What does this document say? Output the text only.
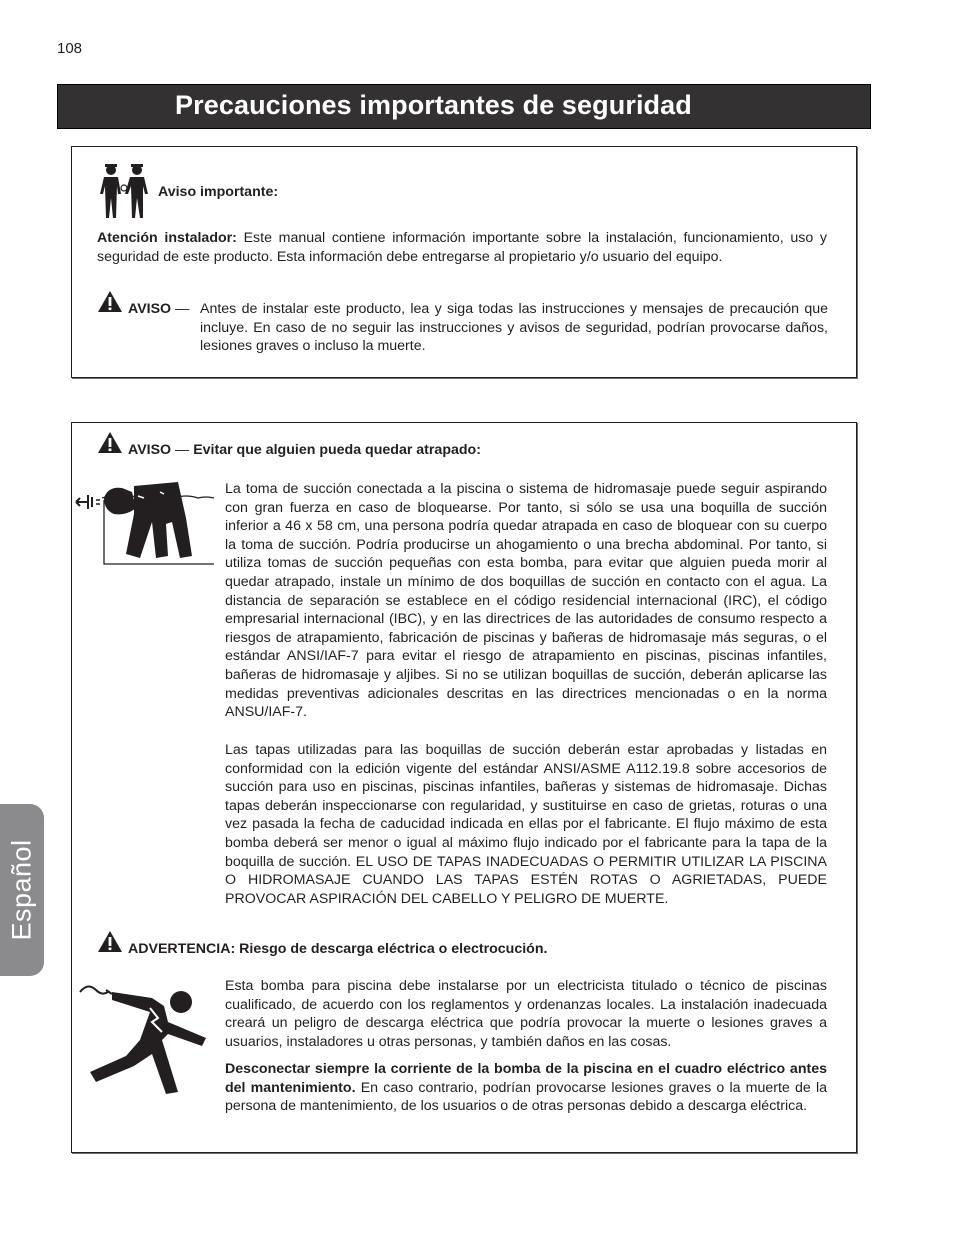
108
Precauciones importantes de seguridad
Aviso importante:
Atención instalador: Este manual contiene información importante sobre la instalación, funcionamiento, uso y seguridad de este producto. Esta información debe entregarse al propietario y/o usuario del equipo.
AVISO — Antes de instalar este producto, lea y siga todas las instrucciones y mensajes de precaución que incluye. En caso de no seguir las instrucciones y avisos de seguridad, podrían provocarse daños, lesiones graves o incluso la muerte.
AVISO — Evitar que alguien pueda quedar atrapado:
La toma de succión conectada a la piscina o sistema de hidromasaje puede seguir aspirando con gran fuerza en caso de bloquearse. Por tanto, si sólo se usa una boquilla de succión inferior a 46 x 58 cm, una persona podría quedar atrapada en caso de bloquear con su cuerpo la toma de succión. Podría producirse un ahogamiento o una brecha abdominal. Por tanto, si utiliza tomas de succión pequeñas con esta bomba, para evitar que alguien pueda morir al quedar atrapado, instale un mínimo de dos boquillas de succión en contacto con el agua. La distancia de separación se establece en el código residencial internacional (IRC), el código empresarial internacional (IBC), y en las directrices de las autoridades de consumo respecto a riesgos de atrapamiento, fabricación de piscinas y bañeras de hidromasaje más seguras, o el estándar ANSI/IAF-7 para evitar el riesgo de atrapamiento en piscinas, piscinas infantiles, bañeras de hidromasaje y aljibes. Si no se utilizan boquillas de succión, deberán aplicarse las medidas preventivas adicionales descritas en las directrices mencionadas o en la norma ANSU/IAF-7.
Las tapas utilizadas para las boquillas de succión deberán estar aprobadas y listadas en conformidad con la edición vigente del estándar ANSI/ASME A112.19.8 sobre accesorios de succión para uso en piscinas, piscinas infantiles, bañeras y sistemas de hidromasaje. Dichas tapas deberán inspeccionarse con regularidad, y sustituirse en caso de grietas, roturas o una vez pasada la fecha de caducidad indicada en ellas por el fabricante. El flujo máximo de esta bomba deberá ser menor o igual al máximo flujo indicado por el fabricante para la tapa de la boquilla de succión. EL USO DE TAPAS INADECUADAS O PERMITIR UTILIZAR LA PISCINA O HIDROMASAJE CUANDO LAS TAPAS ESTÉN ROTAS O AGRIETADAS, PUEDE PROVOCAR ASPIRACIÓN DEL CABELLO Y PELIGRO DE MUERTE.
ADVERTENCIA: Riesgo de descarga eléctrica o electrocución.
Esta bomba para piscina debe instalarse por un electricista titulado o técnico de piscinas cualificado, de acuerdo con los reglamentos y ordenanzas locales. La instalación inadecuada creará un peligro de descarga eléctrica que podría provocar la muerte o lesiones graves a usuarios, instaladores u otras personas, y también daños en las cosas.
Desconectar siempre la corriente de la bomba de la piscina en el cuadro eléctrico antes del mantenimiento. En caso contrario, podrían provocarse lesiones graves o la muerte de la persona de mantenimiento, de los usuarios o de otras personas debido a descarga eléctrica.
Español
